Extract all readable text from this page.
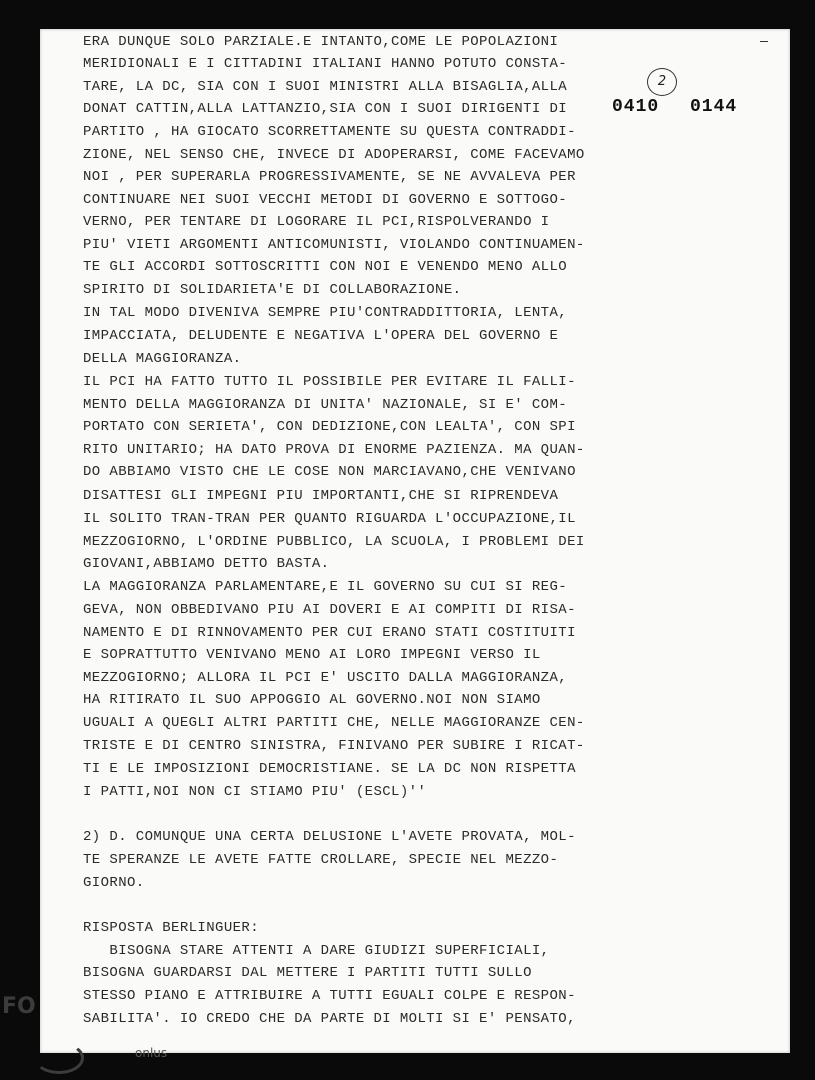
2
0410 0144
ERA DUNQUE SOLO PARZIALE.E INTANTO,COME LE POPOLAZIONI
MERIDIONALI E I CITTADINI ITALIANI HANNO POTUTO CONSTA-
TARE, LA DC, SIA CON I SUOI MINISTRI ALLA BISAGLIA,ALLA
DONAT CATTIN,ALLA LATTANZIO,SIA CON I SUOI DIRIGENTI DI
PARTITO , HA GIOCATO SCORRETTAMENTE SU QUESTA CONTRADDI-
ZIONE, NEL SENSO CHE, INVECE DI ADOPERARSI, COME FACEVAMO
NOI , PER SUPERARLA PROGRESSIVAMENTE, SE NE AVVALEVA PER
CONTINUARE NEI SUOI VECCHI METODI DI GOVERNO E SOTTOGO-
VERNO, PER TENTARE DI LOGORARE IL PCI,RISPOLVERANDO I
PIU' VIETI ARGOMENTI ANTICOMUNISTI, VIOLANDO CONTINUAMEN-
TE GLI ACCORDI SOTTOSCRITTI CON NOI E VENENDO MENO ALLO
SPIRITO DI SOLIDARIETA'E DI COLLABORAZIONE.
IN TAL MODO DIVENIVA SEMPRE PIU'CONTRADDITTORIA, LENTA,
IMPACCIATA, DELUDENTE E NEGATIVA L'OPERA DEL GOVERNO E
DELLA MAGGIORANZA.
IL PCI HA FATTO TUTTO IL POSSIBILE PER EVITARE IL FALLI-
MENTO DELLA MAGGIORANZA DI UNITA' NAZIONALE, SI E' COM-
PORTATO CON SERIETA', CON DEDIZIONE,CON LEALTA', CON SPI
RITO UNITARIO; HA DATO PROVA DI ENORME PAZIENZA. MA QUAN-
DO ABBIAMO VISTO CHE LE COSE NON MARCIAVANO,CHE VENIVANO
DISATTESI GLI IMPEGNI PIU IMPORTANTI,CHE SI RIPRENDEVA
IL SOLITO TRAN-TRAN PER QUANTO RIGUARDA L'OCCUPAZIONE,IL
MEZZOGIORNO, L'ORDINE PUBBLICO, LA SCUOLA, I PROBLEMI DEI
GIOVANI,ABBIAMO DETTO BASTA.
LA MAGGIORANZA PARLAMENTARE,E IL GOVERNO SU CUI SI REG-
GEVA, NON OBBEDIVANO PIU AI DOVERI E AI COMPITI DI RISA-
NAMENTO E DI RINNOVAMENTO PER CUI ERANO STATI COSTITUITI
E SOPRATTUTTO VENIVANO MENO AI LORO IMPEGNI VERSO IL
MEZZOGIORNO; ALLORA IL PCI E' USCITO DALLA MAGGIORANZA,
HA RITIRATO IL SUO APPOGGIO AL GOVERNO.NOI NON SIAMO
UGUALI A QUEGLI ALTRI PARTITI CHE, NELLE MAGGIORANZE CEN-
TRISTE E DI CENTRO SINISTRA, FINIVANO PER SUBIRE I RICAT-
TI E LE IMPOSIZIONI DEMOCRISTIANE. SE LA DC NON RISPETTA
I PATTI,NOI NON CI STIAMO PIU' (ESCL)''
2) D. COMUNQUE UNA CERTA DELUSIONE L'AVETE PROVATA, MOL-
TE SPERANZE LE AVETE FATTE CROLLARE, SPECIE NEL MEZZO-
GIORNO.
RISPOSTA BERLINGUER:
BISOGNA STARE ATTENTI A DARE GIUDIZI SUPERFICIALI,
BISOGNA GUARDARSI DAL METTERE I PARTITI TUTTI SULLO
STESSO PIANO E ATTRIBUIRE A TUTTI EGUALI COLPE E RESPON-
SABILITA'. IO CREDO CHE DA PARTE DI MOLTI SI E' PENSATO,
FO
onlus
